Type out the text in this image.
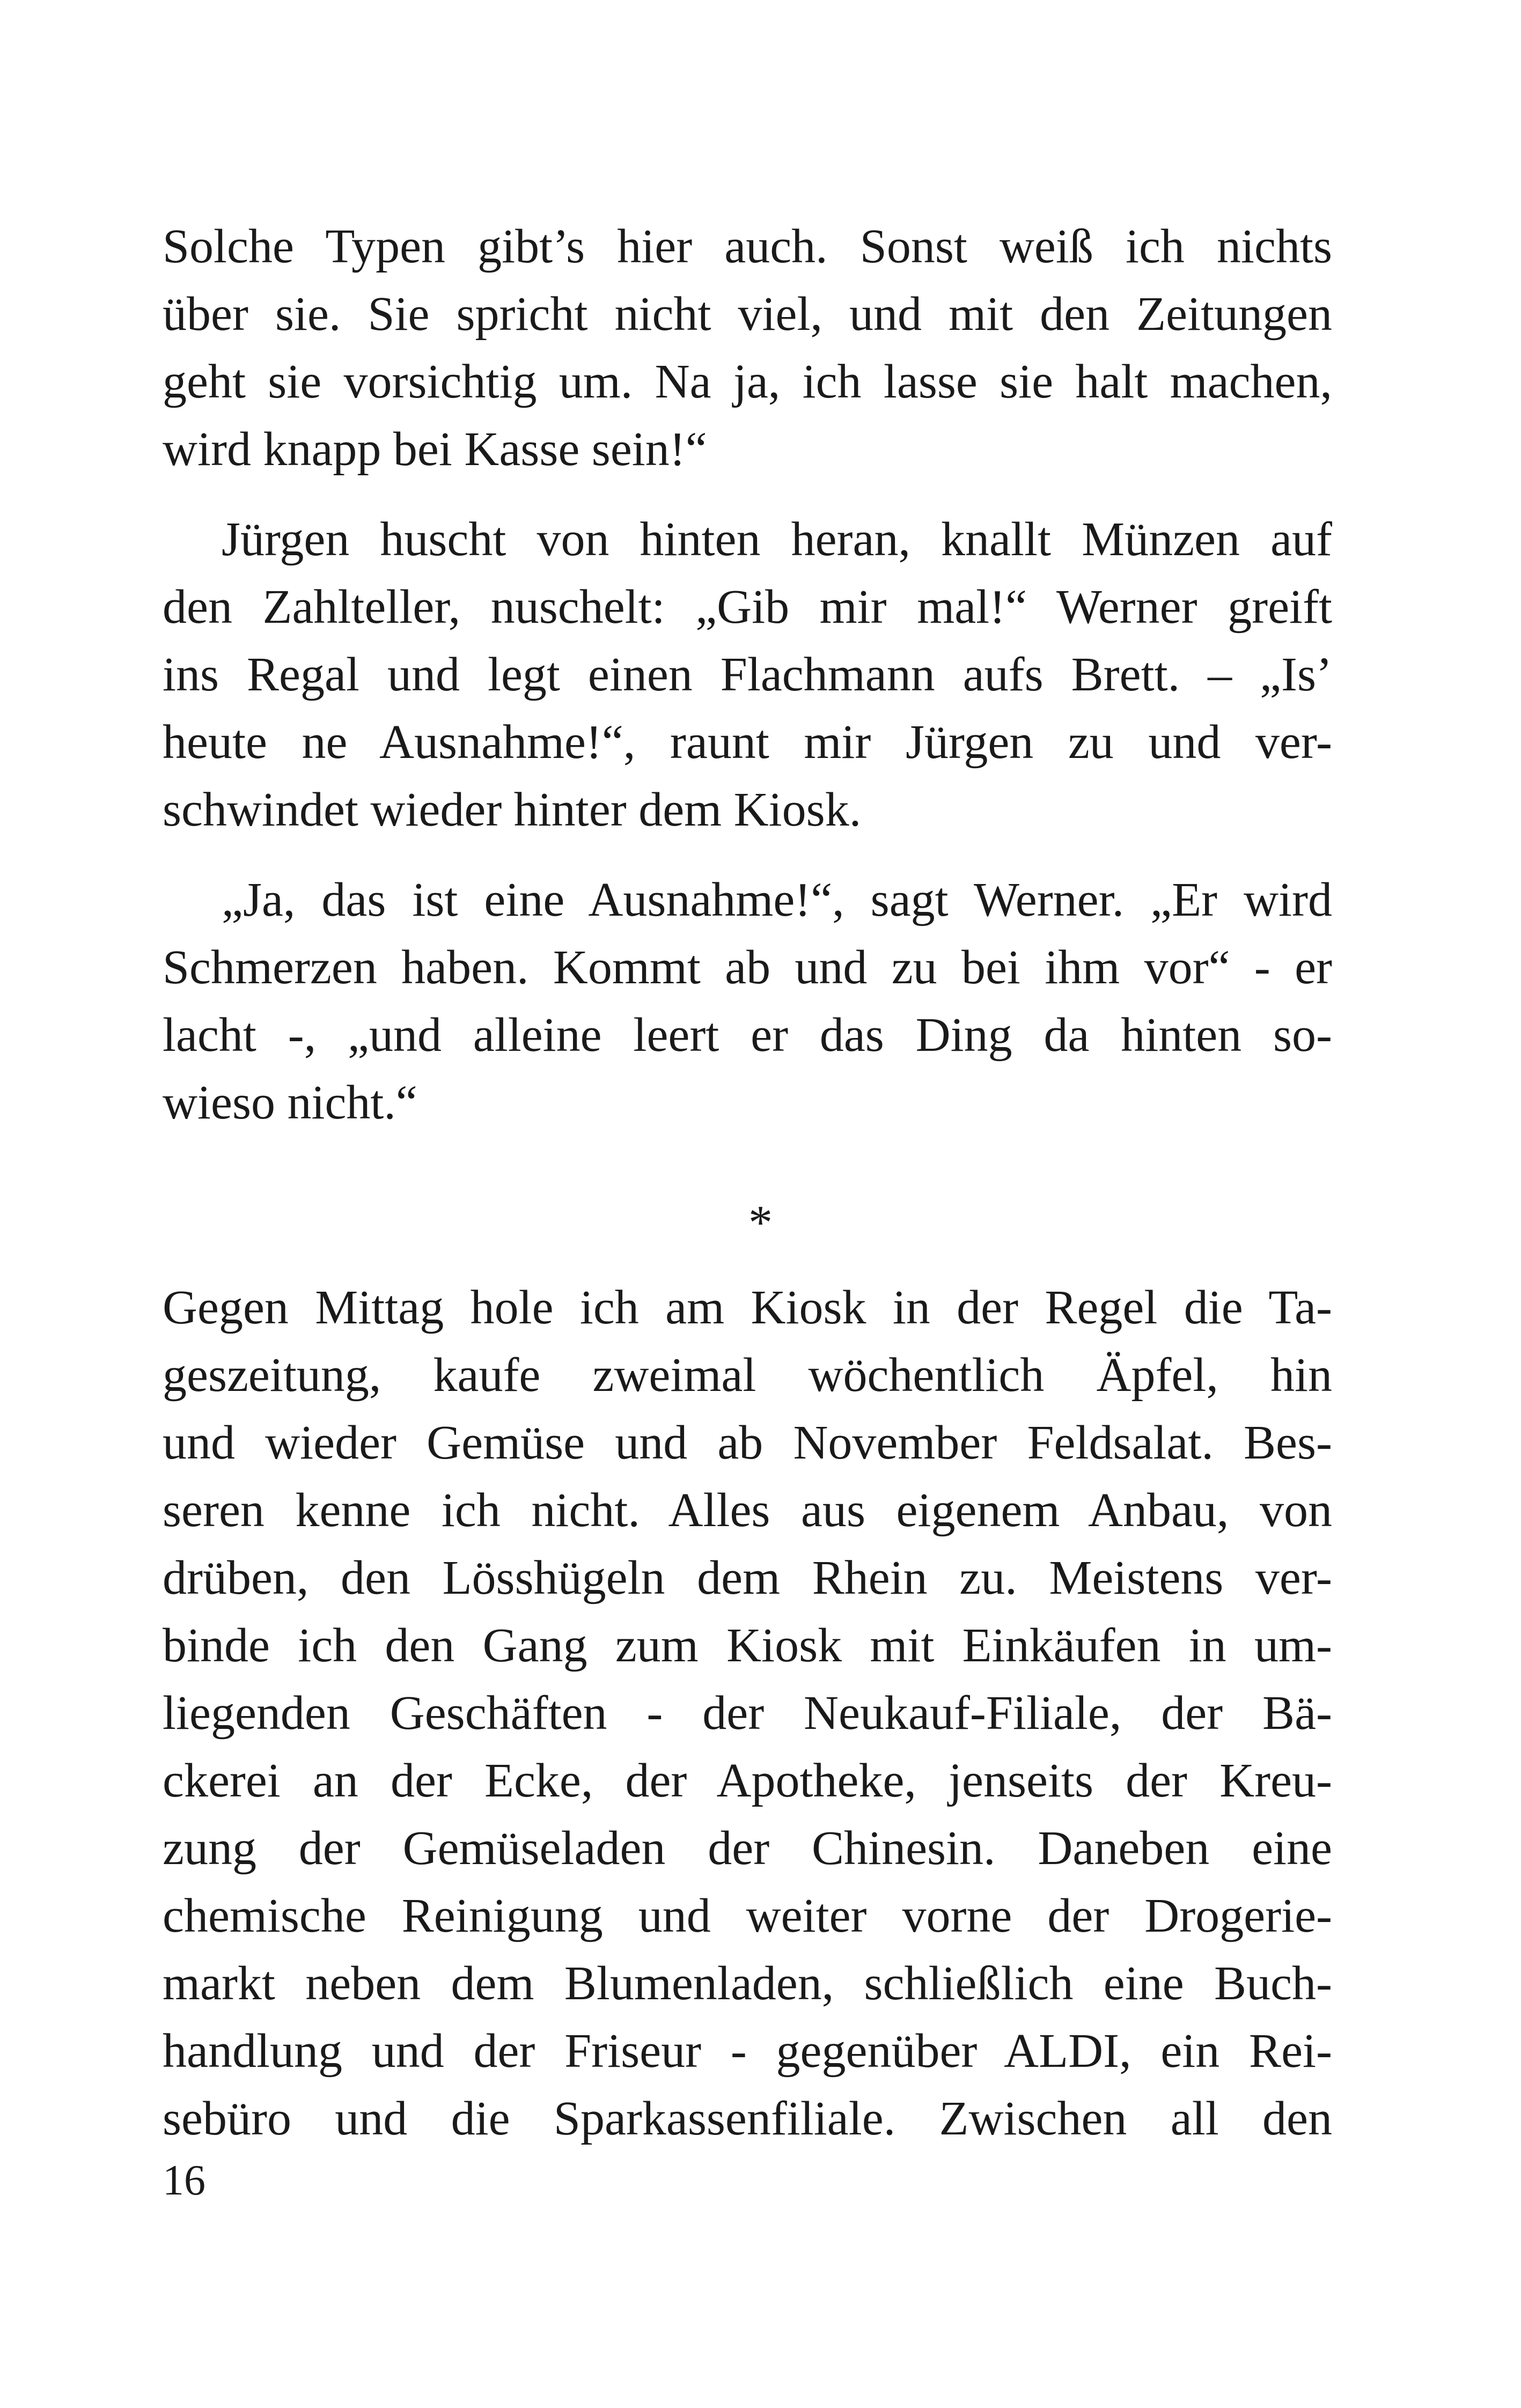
Solche Typen gibt’s hier auch. Sonst weiß ich nichts
über sie. Sie spricht nicht viel, und mit den Zeitungen
geht sie vorsichtig um. Na ja, ich lasse sie halt machen,
wird knapp bei Kasse sein!“
Jürgen huscht von hinten heran, knallt Münzen auf
den Zahlteller, nuschelt: „Gib mir mal!“ Werner greift
ins Regal und legt einen Flachmann aufs Brett. – „Is’
heute ne Ausnahme!“, raunt mir Jürgen zu und ver-
schwindet wieder hinter dem Kiosk.
„Ja, das ist eine Ausnahme!“, sagt Werner. „Er wird
Schmerzen haben. Kommt ab und zu bei ihm vor“ - er
lacht -, „und alleine leert er das Ding da hinten so-
wieso nicht.“
*
Gegen Mittag hole ich am Kiosk in der Regel die Ta-
geszeitung, kaufe zweimal wöchentlich Äpfel, hin
und wieder Gemüse und ab November Feldsalat. Bes-
seren kenne ich nicht. Alles aus eigenem Anbau, von
drüben, den Lösshügeln dem Rhein zu. Meistens ver-
binde ich den Gang zum Kiosk mit Einkäufen in um-
liegenden Geschäften - der Neukauf-Filiale, der Bä-
ckerei an der Ecke, der Apotheke, jenseits der Kreu-
zung der Gemüseladen der Chinesin. Daneben eine
chemische Reinigung und weiter vorne der Drogerie-
markt neben dem Blumenladen, schließlich eine Buch-
handlung und der Friseur - gegenüber ALDI, ein Rei-
sebüro und die Sparkassenfiliale. Zwischen all den
16
